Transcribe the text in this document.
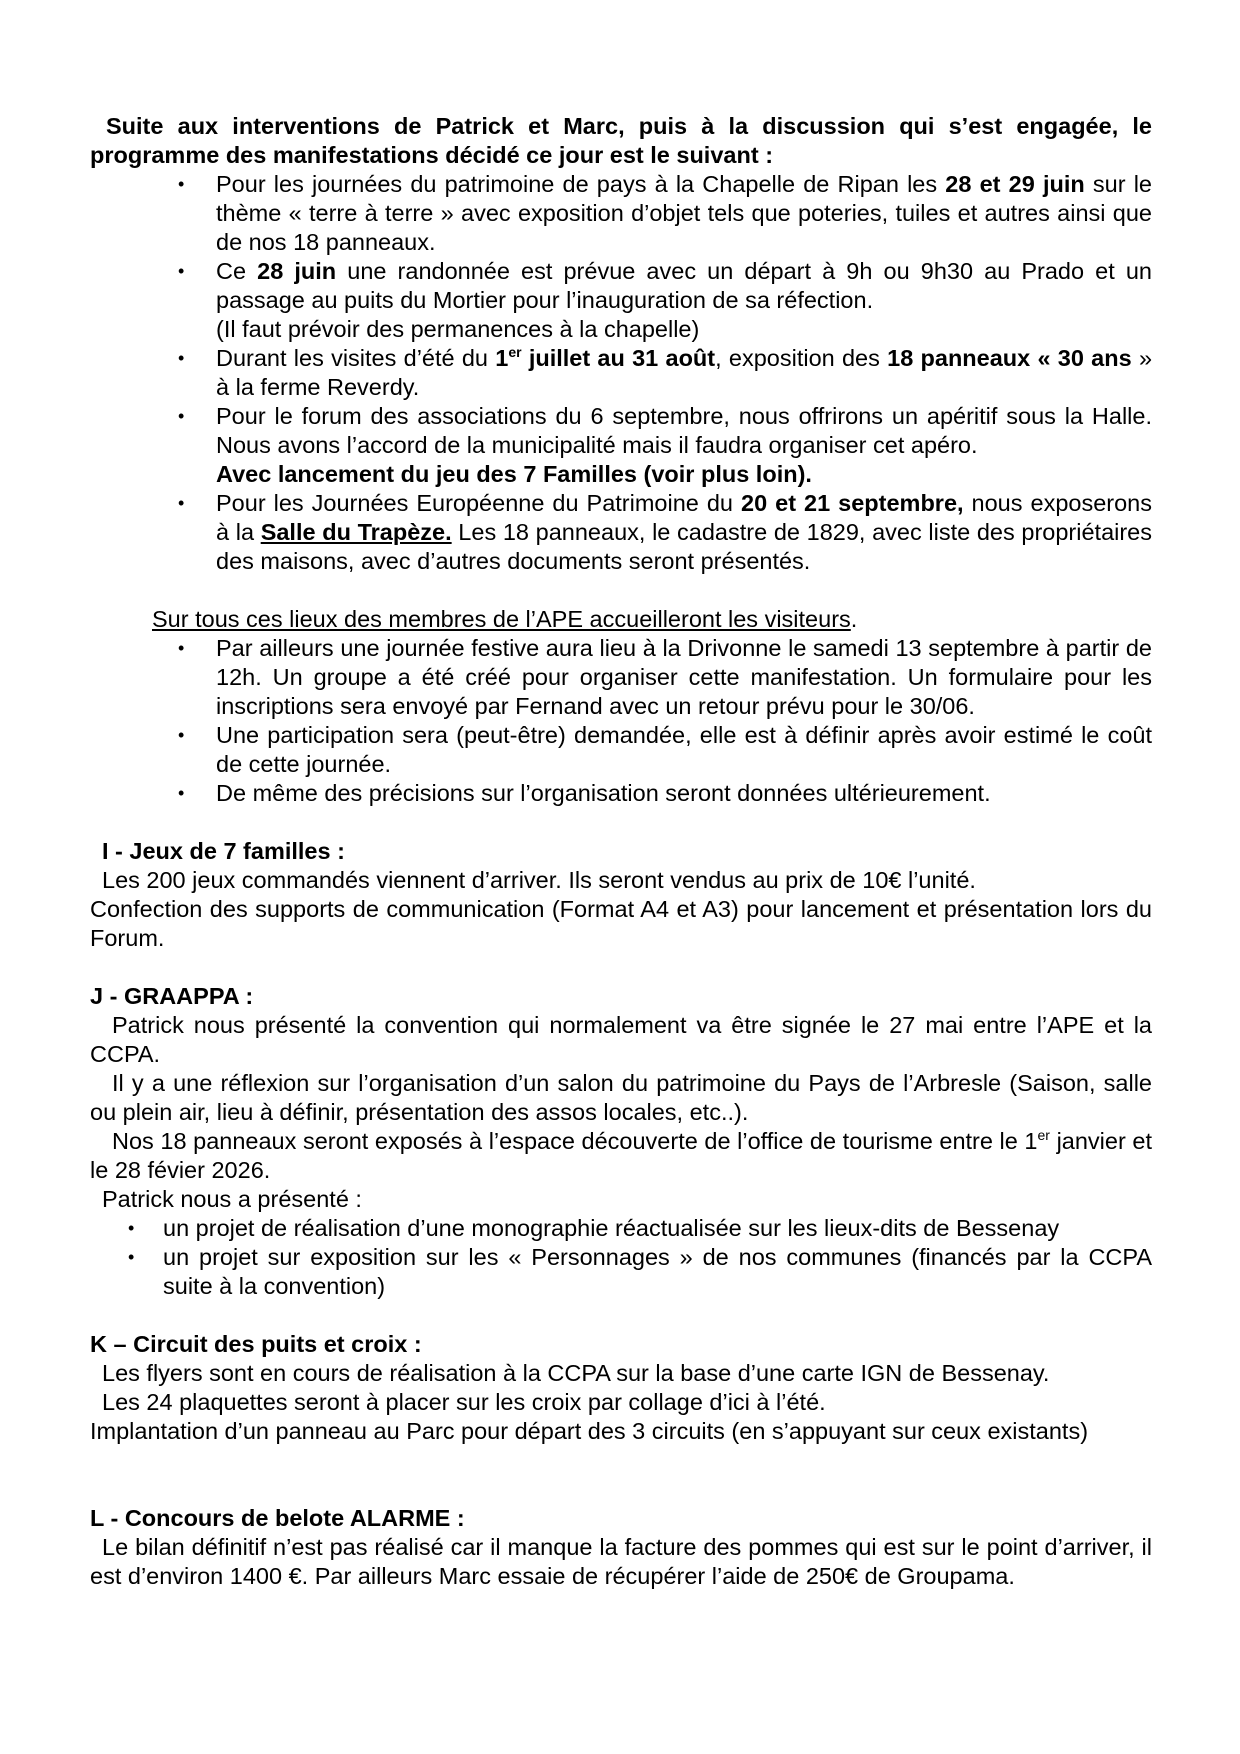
Suite aux interventions de Patrick et Marc, puis à la discussion qui s’est engagée, le programme des manifestations décidé ce jour est le suivant :

• Pour les journées du patrimoine de pays à la Chapelle de Ripan les 28 et 29 juin sur le thème « terre à terre » avec exposition d’objet tels que poteries, tuiles et autres ainsi que de nos 18 panneaux.
• Ce 28 juin une randonnée est prévue avec un départ à 9h ou 9h30 au Prado et un passage au puits du Mortier pour l’inauguration de sa réfection.
(Il faut prévoir des permanences à la chapelle)
• Durant les visites d’été du 1er juillet au 31 août, exposition des 18 panneaux « 30 ans » à la ferme Reverdy.
• Pour le forum des associations du 6 septembre, nous offrirons un apéritif sous la Halle. Nous avons l’accord de la municipalité mais il faudra organiser cet apéro.
Avec lancement du jeu des 7 Familles (voir plus loin).
• Pour les Journées Européenne du Patrimoine du 20 et 21 septembre, nous exposerons à la Salle du Trapèze. Les 18 panneaux, le cadastre de 1829, avec liste des propriétaires des maisons, avec d’autres documents seront présentés.

Sur tous ces lieux des membres de l’APE accueilleront les visiteurs.

• Par ailleurs une journée festive aura lieu à la Drivonne le samedi 13 septembre à partir de 12h. Un groupe a été créé pour organiser cette manifestation. Un formulaire pour les inscriptions sera envoyé par Fernand avec un retour prévu pour le 30/06.
• Une participation sera (peut-être) demandée, elle est à définir après avoir estimé le coût de cette journée.
• De même des précisions sur l’organisation seront données ultérieurement.

I - Jeux de 7 familles :

Les 200 jeux commandés viennent d’arriver. Ils seront vendus au prix de 10€ l’unité.

Confection des supports de communication (Format A4 et A3) pour lancement et présentation lors du Forum.

J - GRAAPPA :

Patrick nous présenté la convention qui normalement va être signée le 27 mai entre l’APE et la CCPA.

Il y a une réflexion sur l’organisation d’un salon du patrimoine du Pays de l’Arbresle (Saison, salle ou plein air, lieu à définir, présentation des assos locales, etc..).

Nos 18 panneaux seront exposés à l’espace découverte de l’office de tourisme entre le 1er janvier et le 28 févier 2026.

Patrick nous a présenté :

• un projet de réalisation d’une monographie réactualisée sur les lieux-dits de Bessenay
• un projet sur exposition sur les « Personnages » de nos communes (financés par la CCPA suite à la convention)

K – Circuit des puits et croix :

Les flyers sont en cours de réalisation à la CCPA sur la base d’une carte IGN de Bessenay.

Les 24 plaquettes seront à placer sur les croix par collage d’ici à l’été.

Implantation d’un panneau au Parc pour départ des 3 circuits (en s’appuyant sur ceux existants)

L - Concours de belote ALARME :

Le bilan définitif n’est pas réalisé car il manque la facture des pommes qui est sur le point d’arriver, il est d’environ 1400 €. Par ailleurs Marc essaie de récupérer l’aide de 250€ de Groupama.
